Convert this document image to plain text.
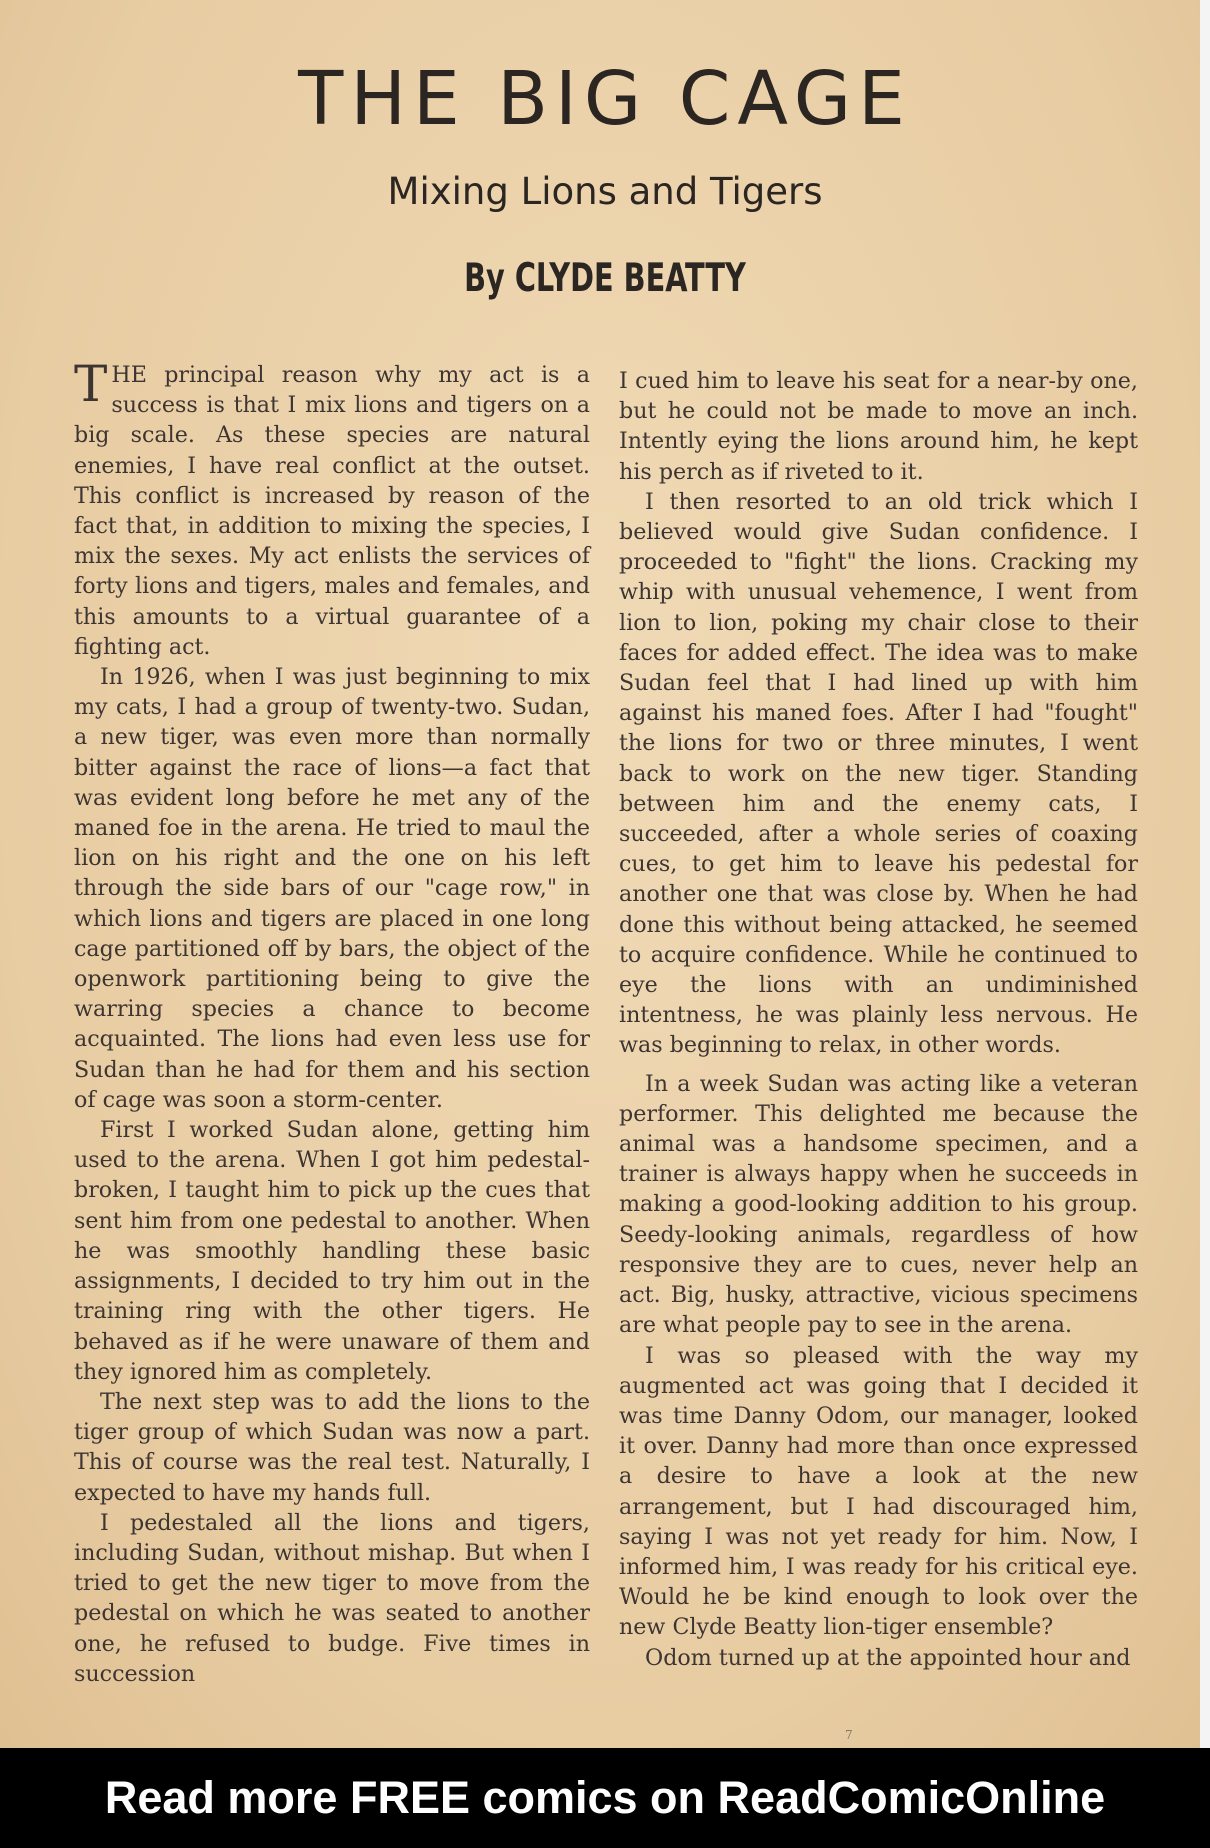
THE BIG CAGE
Mixing Lions and Tigers
By CLYDE BEATTY

THE principal reason why my act is a success is that I mix lions and tigers on a big scale. As these species are natural enemies, I have real conflict at the outset. This conflict is increased by reason of the fact that, in addition to mixing the species, I mix the sexes. My act enlists the services of forty lions and tigers, males and females, and this amounts to a virtual guarantee of a fighting act.

In 1926, when I was just beginning to mix my cats, I had a group of twenty-two. Sudan, a new tiger, was even more than normally bitter against the race of lions—a fact that was evident long before he met any of the maned foe in the arena. He tried to maul the lion on his right and the one on his left through the side bars of our "cage row," in which lions and tigers are placed in one long cage partitioned off by bars, the object of the openwork partitioning being to give the warring species a chance to become acquainted. The lions had even less use for Sudan than he had for them and his section of cage was soon a storm-center.

First I worked Sudan alone, getting him used to the arena. When I got him pedestal-broken, I taught him to pick up the cues that sent him from one pedestal to another. When he was smoothly handling these basic assignments, I decided to try him out in the training ring with the other tigers. He behaved as if he were unaware of them and they ignored him as completely.

The next step was to add the lions to the tiger group of which Sudan was now a part. This of course was the real test. Naturally, I expected to have my hands full.

I pedestaled all the lions and tigers, including Sudan, without mishap. But when I tried to get the new tiger to move from the pedestal on which he was seated to another one, he refused to budge. Five times in succession

I cued him to leave his seat for a near-by one, but he could not be made to move an inch. Intently eying the lions around him, he kept his perch as if riveted to it.

I then resorted to an old trick which I believed would give Sudan confidence. I proceeded to "fight" the lions. Cracking my whip with unusual vehemence, I went from lion to lion, poking my chair close to their faces for added effect. The idea was to make Sudan feel that I had lined up with him against his maned foes. After I had "fought" the lions for two or three minutes, I went back to work on the new tiger. Standing between him and the enemy cats, I succeeded, after a whole series of coaxing cues, to get him to leave his pedestal for another one that was close by. When he had done this without being attacked, he seemed to acquire confidence. While he continued to eye the lions with an undiminished intentness, he was plainly less nervous. He was beginning to relax, in other words.

In a week Sudan was acting like a veteran performer. This delighted me because the animal was a handsome specimen, and a trainer is always happy when he succeeds in making a good-looking addition to his group. Seedy-looking animals, regardless of how responsive they are to cues, never help an act. Big, husky, attractive, vicious specimens are what people pay to see in the arena.

I was so pleased with the way my augmented act was going that I decided it was time Danny Odom, our manager, looked it over. Danny had more than once expressed a desire to have a look at the new arrangement, but I had discouraged him, saying I was not yet ready for him. Now, I informed him, I was ready for his critical eye. Would he be kind enough to look over the new Clyde Beatty lion-tiger ensemble?

Odom turned up at the appointed hour and

7
Read more FREE comics on ReadComicOnline
